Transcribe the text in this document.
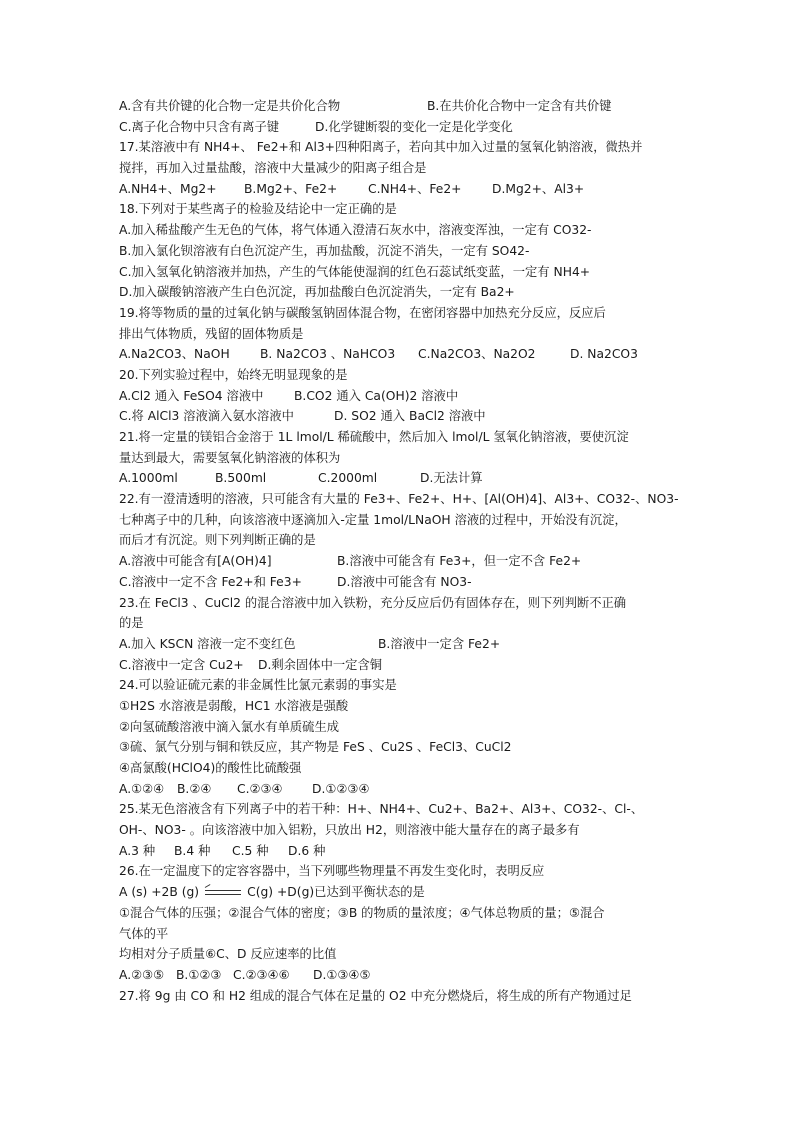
A.含有共价键的化合物一定是共价化合物	B.在共价化合物中一定含有共价键
C.离子化合物中只含有离子键	D.化学键断裂的变化一定是化学变化
17.某溶液中有 NH4+、 Fe2+和 Al3+四种阳离子，若向其中加入过量的氢氧化钠溶液，微热并
搅拌，再加入过量盐酸，溶液中大量减少的阳离子组合是
A.NH4+、Mg2+ B.Mg2+、Fe2+ C.NH4+、Fe2+ D.Mg2+、Al3+
18.下列对于某些离子的检验及结论中一定正确的是
A.加入稀盐酸产生无色的气体，将气体通入澄清石灰水中，溶液变浑浊，一定有 CO32-
B.加入氯化钡溶液有白色沉淀产生，再加盐酸，沉淀不消失，一定有 SO42-
C.加入氢氧化钠溶液并加热，产生的气体能使湿润的红色石蕊试纸变蓝，一定有 NH4+
D.加入碳酸钠溶液产生白色沉淀，再加盐酸白色沉淀消失，一定有 Ba2+
19.将等物质的量的过氧化钠与碳酸氢钠固体混合物，在密闭容器中加热充分反应，反应后
排出气体物质，残留的固体物质是
A.Na2CO3、NaOH B. Na2CO3 、NaHCO3 C.Na2CO3、Na2O2	D. Na2CO3
20.下列实验过程中，始终无明显现象的是
A.Cl2 通入 FeSO4 溶液中 B.CO2 通入 Ca(OH)2 溶液中
C.将 AlCl3 溶液滴入氨水溶液中	D. SO2 通入 BaCl2 溶液中
21.将一定量的镁铝合金溶于 1L lmol/L 稀硫酸中，然后加入 lmol/L 氢氧化钠溶液，要使沉淀
量达到最大，需要氢氧化钠溶液的体积为
A.1000ml	B.500ml	C.2000ml	D.无法计算
22.有一澄清透明的溶液，只可能含有大量的 Fe3+、Fe2+、H+、[Al(OH)4]、Al3+、CO32-、NO3-
七种离子中的几种，向该溶液中逐滴加入-定量 1mol/LNaOH 溶液的过程中，开始没有沉淀，
而后才有沉淀。则下列判断正确的是
A.溶液中可能含有[A(OH)4]	B.溶液中可能含有 Fe3+，但一定不含 Fe2+
C.溶液中一定不含 Fe2+和 Fe3+	D.溶液中可能含有 NO3-
23.在 FeCl3 、CuCl2 的混合溶液中加入铁粉，充分反应后仍有固体存在，则下列判断不正确
的是
A.加入 KSCN 溶液一定不变红色	B.溶液中一定含 Fe2+
C.溶液中一定含 Cu2+ D.剩余固体中一定含铜
24.可以验证硫元素的非金属性比氯元素弱的事实是
①H2S 水溶液是弱酸，HC1 水溶液是强酸
②向氢硫酸溶液中滴入氯水有单质硫生成
③硫、氯气分别与铜和铁反应，其产物是 FeS 、Cu2S 、FeCl3、CuCl2
④高氯酸(HClO4)的酸性比硫酸强
A.①②④ B.②④ C.②③④ D.①②③④
25.某无色溶液含有下列离子中的若干种：H+、NH4+、Cu2+、Ba2+、Al3+、CO32-、Cl-、
OH-、NO3- 。向该溶液中加入铝粉，只放出 H2，则溶液中能大量存在的离子最多有
A.3 种 B.4 种 C.5 种 D.6 种
26.在一定温度下的定容容器中，当下列哪些物理量不再发生变化时，表明反应
A (s) +2B (g)	C(g) +D(g)已达到平衡状态的是
①混合气体的压强；②混合气体的密度；③B 的物质的量浓度；④气体总物质的量；⑤混合
气体的平
均相对分子质量⑥C、D 反应速率的比值
A.②③⑤ B.①②③ C.②③④⑥ D.①③④⑤
27.将 9g 由 CO 和 H2 组成的混合气体在足量的 O2 中充分燃烧后，将生成的所有产物通过足
